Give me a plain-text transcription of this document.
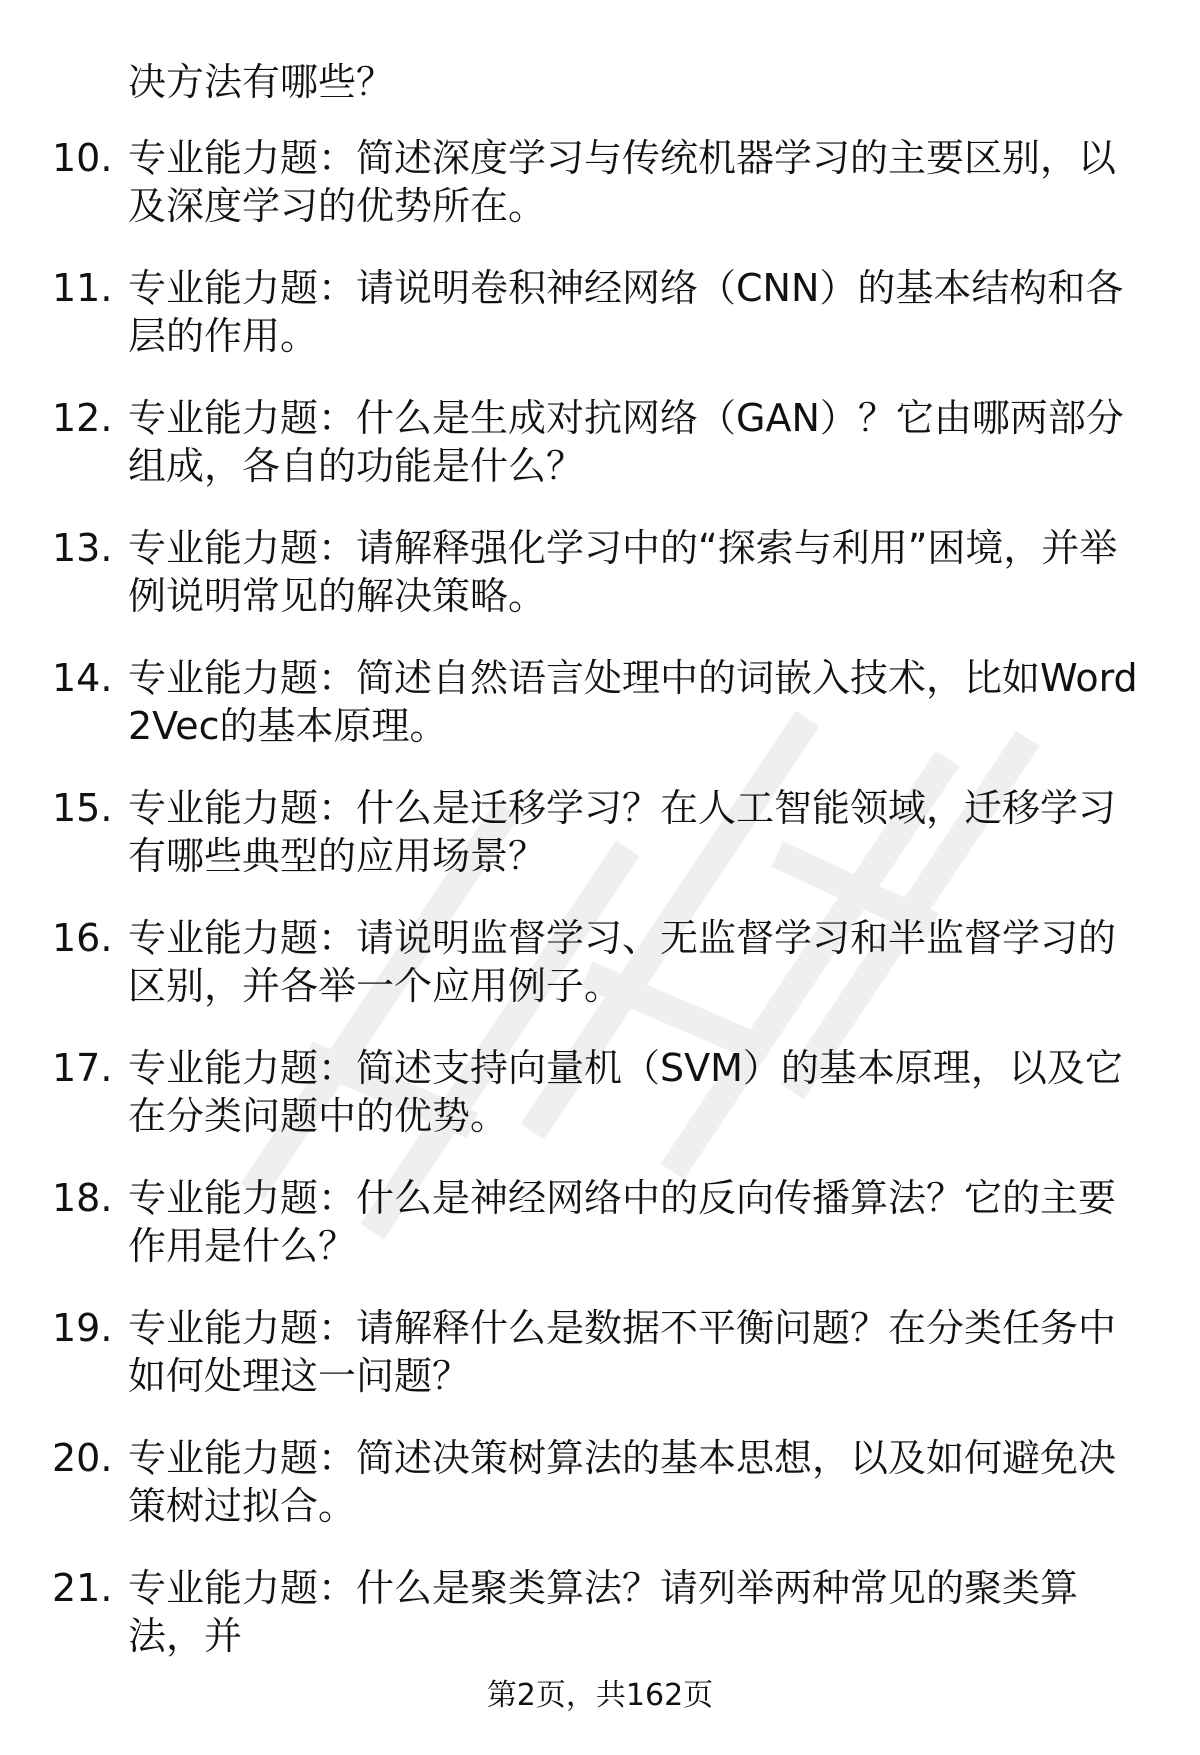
决方法有哪些？
10. 专业能力题：简述深度学习与传统机器学习的主要区别，以及深度学习的优势所在。
11. 专业能力题：请说明卷积神经网络（CNN）的基本结构和各层的作用。
12. 专业能力题：什么是生成对抗网络（GAN）？它由哪两部分组成，各自的功能是什么？
13. 专业能力题：请解释强化学习中的“探索与利用”困境，并举例说明常见的解决策略。
14. 专业能力题：简述自然语言处理中的词嵌入技术，比如Word2Vec的基本原理。
15. 专业能力题：什么是迁移学习？在人工智能领域，迁移学习有哪些典型的应用场景？
16. 专业能力题：请说明监督学习、无监督学习和半监督学习的区别，并各举一个应用例子。
17. 专业能力题：简述支持向量机（SVM）的基本原理，以及它在分类问题中的优势。
18. 专业能力题：什么是神经网络中的反向传播算法？它的主要作用是什么？
19. 专业能力题：请解释什么是数据不平衡问题？在分类任务中如何处理这一问题？
20. 专业能力题：简述决策树算法的基本思想，以及如何避免决策树过拟合。
21. 专业能力题：什么是聚类算法？请列举两种常见的聚类算法，并
第2页，共162页
